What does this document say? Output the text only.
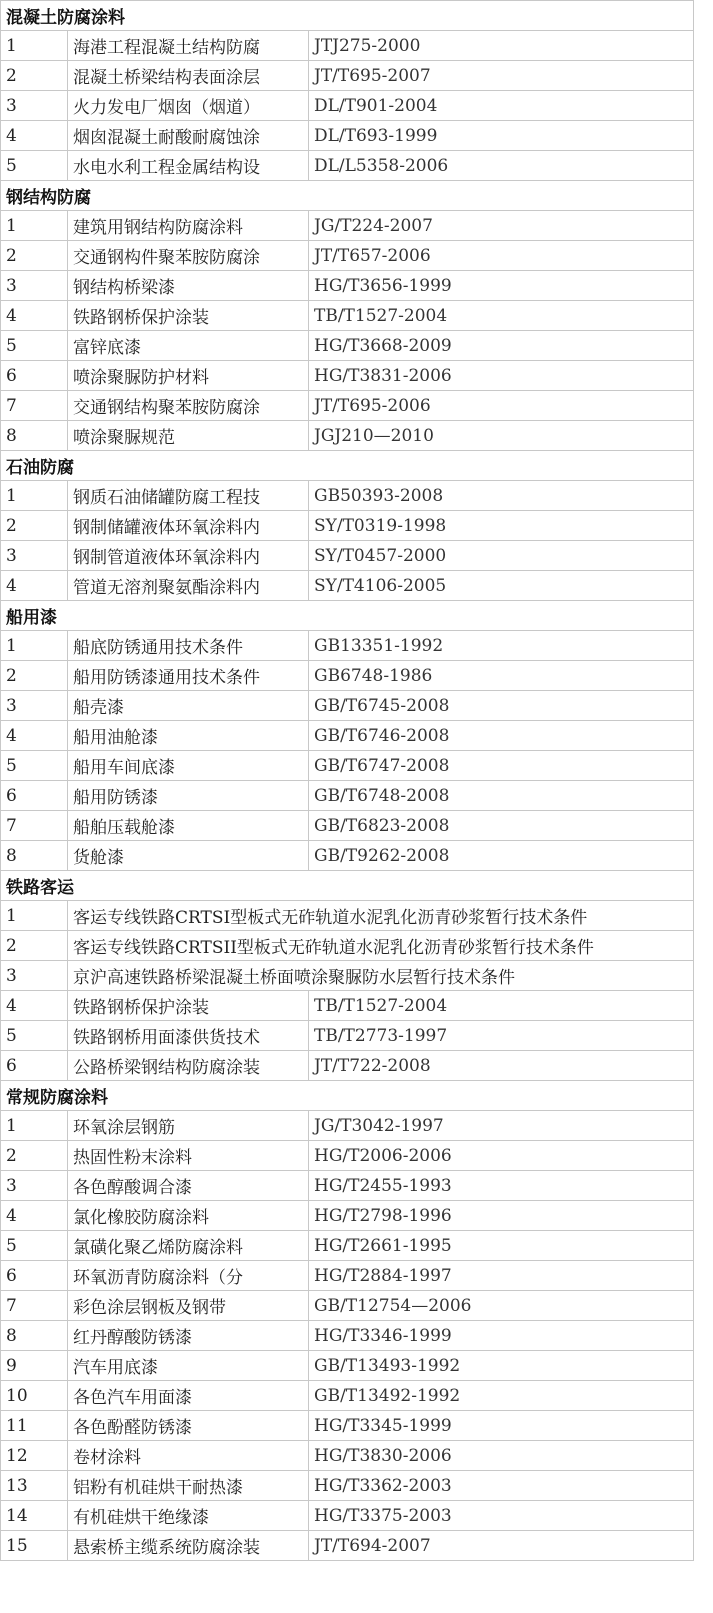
混凝土防腐涂料		
1	海港工程混凝土结构防腐	JTJ275-2000
2	混凝土桥梁结构表面涂层	JT/T695-2007
3	火力发电厂烟囱（烟道）	DL/T901-2004
4	烟囱混凝土耐酸耐腐蚀涂	DL/T693-1999
5	水电水利工程金属结构设	DL/L5358-2006
钢结构防腐		
1	建筑用钢结构防腐涂料	JG/T224-2007
2	交通钢构件聚苯胺防腐涂	JT/T657-2006
3	钢结构桥梁漆	HG/T3656-1999
4	铁路钢桥保护涂装	TB/T1527-2004
5	富锌底漆	HG/T3668-2009
6	喷涂聚脲防护材料	HG/T3831-2006
7	交通钢结构聚苯胺防腐涂	JT/T695-2006
8	喷涂聚脲规范	JGJ210—2010
石油防腐		
1	钢质石油储罐防腐工程技	GB50393-2008
2	钢制储罐液体环氧涂料内	SY/T0319-1998
3	钢制管道液体环氧涂料内	SY/T0457-2000
4	管道无溶剂聚氨酯涂料内	SY/T4106-2005
船用漆		
1	船底防锈通用技术条件	GB13351-1992
2	船用防锈漆通用技术条件	GB6748-1986
3	船壳漆	GB/T6745-2008
4	船用油舱漆	GB/T6746-2008
5	船用车间底漆	GB/T6747-2008
6	船用防锈漆	GB/T6748-2008
7	船舶压载舱漆	GB/T6823-2008
8	货舱漆	GB/T9262-2008
铁路客运		
1	客运专线铁路CRTSI型板式无砟轨道水泥乳化沥青砂浆暂行技术条件	
2	客运专线铁路CRTSII型板式无砟轨道水泥乳化沥青砂浆暂行技术条件	
3	京沪高速铁路桥梁混凝土桥面喷涂聚脲防水层暂行技术条件	
4	铁路钢桥保护涂装	TB/T1527-2004
5	铁路钢桥用面漆供货技术	TB/T2773-1997
6	公路桥梁钢结构防腐涂装	JT/T722-2008
常规防腐涂料		
1	环氧涂层钢筋	JG/T3042-1997
2	热固性粉末涂料	HG/T2006-2006
3	各色醇酸调合漆	HG/T2455-1993
4	氯化橡胶防腐涂料	HG/T2798-1996
5	氯磺化聚乙烯防腐涂料	HG/T2661-1995
6	环氧沥青防腐涂料（分	HG/T2884-1997
7	彩色涂层钢板及钢带	GB/T12754—2006
8	红丹醇酸防锈漆	HG/T3346-1999
9	汽车用底漆	GB/T13493-1992
10	各色汽车用面漆	GB/T13492-1992
11	各色酚醛防锈漆	HG/T3345-1999
12	卷材涂料	HG/T3830-2006
13	铝粉有机硅烘干耐热漆	HG/T3362-2003
14	有机硅烘干绝缘漆	HG/T3375-2003
15	悬索桥主缆系统防腐涂装	JT/T694-2007
